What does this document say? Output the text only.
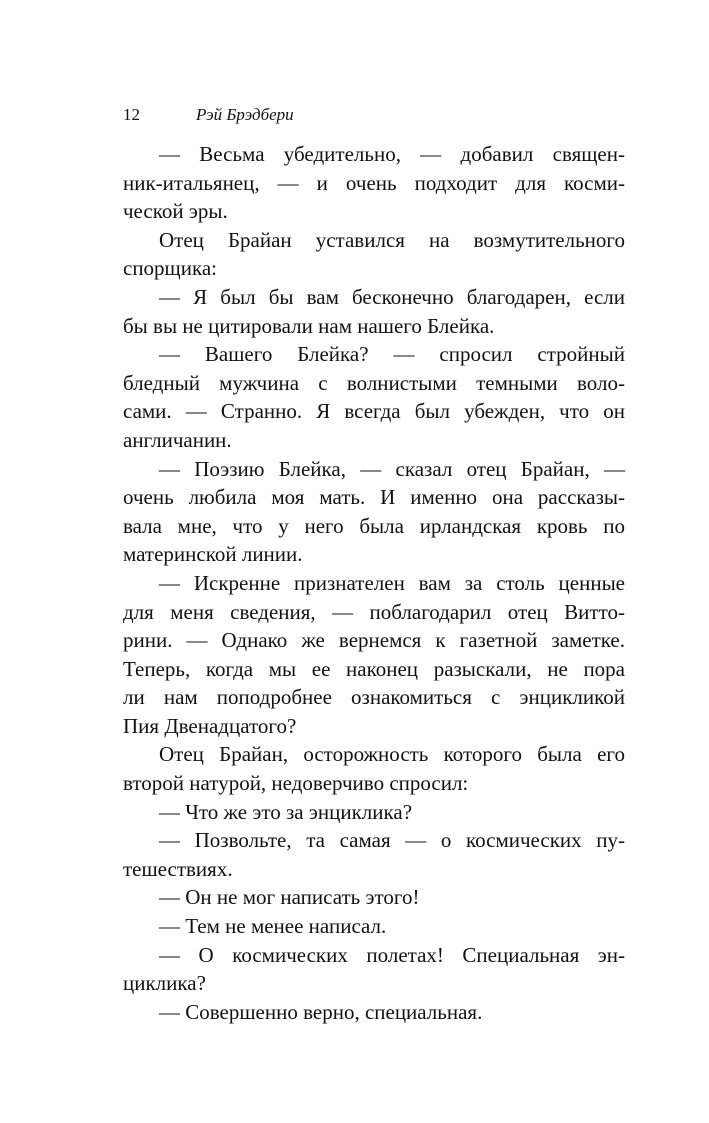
12	Рэй Брэдбери
— Весьма убедительно, — добавил священ-
ник-итальянец, — и очень подходит для косми-
ческой эры.
Отец Брайан уставился на возмутительного
спорщика:
— Я был бы вам бесконечно благодарен, если
бы вы не цитировали нам нашего Блейка.
— Вашего Блейка? — спросил стройный
бледный мужчина с волнистыми темными воло-
сами. — Странно. Я всегда был убежден, что он
англичанин.
— Поэзию Блейка, — сказал отец Брайан, —
очень любила моя мать. И именно она рассказы-
вала мне, что у него была ирландская кровь по
материнской линии.
— Искренне признателен вам за столь ценные
для меня сведения, — поблагодарил отец Витто-
рини. — Однако же вернемся к газетной заметке.
Теперь, когда мы ее наконец разыскали, не пора
ли нам поподробнее ознакомиться с энцикликой
Пия Двенадцатого?
Отец Брайан, осторожность которого была его
второй натурой, недоверчиво спросил:
— Что же это за энциклика?
— Позвольте, та самая — о космических пу-
тешествиях.
— Он не мог написать этого!
— Тем не менее написал.
— О космических полетах! Специальная эн-
циклика?
— Совершенно верно, специальная.
